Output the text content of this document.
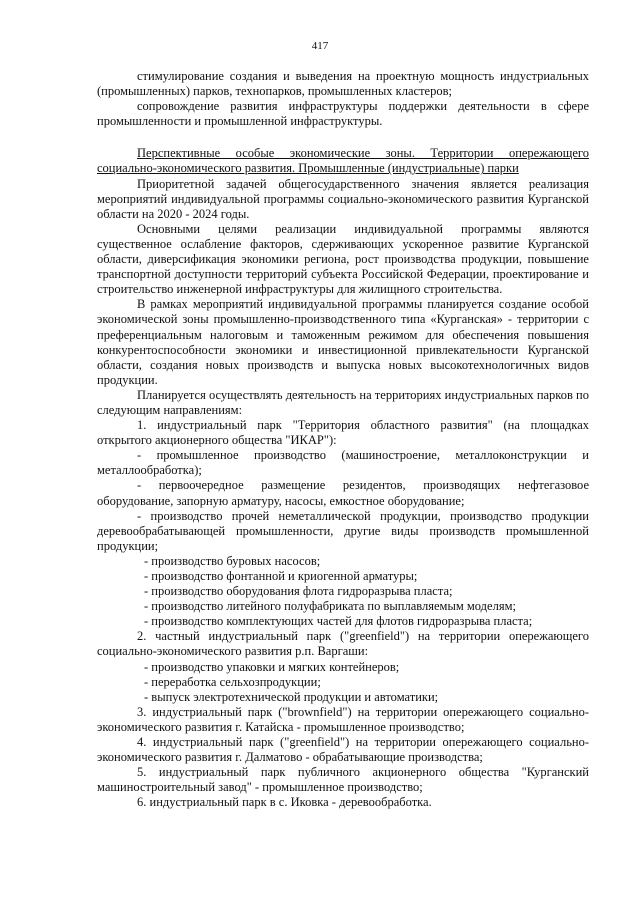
417

стимулирование создания и выведения на проектную мощность индустриальных (промышленных) парков, технопарков, промышленных кластеров;

сопровождение развития инфраструктуры поддержки деятельности в сфере промышленности и промышленной инфраструктуры.

Перспективные особые экономические зоны. Территории опережающего социально-экономического развития. Промышленные (индустриальные) парки

Приоритетной задачей общегосударственного значения является реализация мероприятий индивидуальной программы социально-экономического развития Курганской области на 2020 - 2024 годы.

Основными целями реализации индивидуальной программы являются существенное ослабление факторов, сдерживающих ускоренное развитие Курганской области, диверсификация экономики региона, рост производства продукции, повышение транспортной доступности территорий субъекта Российской Федерации, проектирование и строительство инженерной инфраструктуры для жилищного строительства.

В рамках мероприятий индивидуальной программы планируется создание особой экономической зоны промышленно-производственного типа «Курганская» - территории с преференциальным налоговым и таможенным режимом для обеспечения повышения конкурентоспособности экономики и инвестиционной привлекательности Курганской области, создания новых производств и выпуска новых высокотехнологичных видов продукции.

Планируется осуществлять деятельность на территориях индустриальных парков по следующим направлениям:

1. индустриальный парк "Территория областного развития" (на площадках открытого акционерного общества "ИКАР"):

- промышленное производство (машиностроение, металлоконструкции и металлообработка);

- первоочередное размещение резидентов, производящих нефтегазовое оборудование, запорную арматуру, насосы, емкостное оборудование;

- производство прочей неметаллической продукции, производство продукции деревообрабатывающей промышленности, другие виды производств промышленной продукции;

- производство буровых насосов;

- производство фонтанной и криогенной арматуры;

- производство оборудования флота гидроразрыва пласта;

- производство литейного полуфабриката по выплавляемым моделям;

- производство комплектующих частей для флотов гидроразрыва пласта;

2. частный индустриальный парк ("greenfield") на территории опережающего социально-экономического развития р.п. Варгаши:

- производство упаковки и мягких контейнеров;

- переработка сельхозпродукции;

- выпуск электротехнической продукции и автоматики;

3. индустриальный парк ("brownfield") на территории опережающего социально-экономического развития г. Катайска - промышленное производство;

4. индустриальный парк ("greenfield") на территории опережающего социально-экономического развития г. Далматово - обрабатывающие производства;

5. индустриальный парк публичного акционерного общества "Курганский машиностроительный завод" - промышленное производство;

6. индустриальный парк в с. Иковка - деревообработка.
